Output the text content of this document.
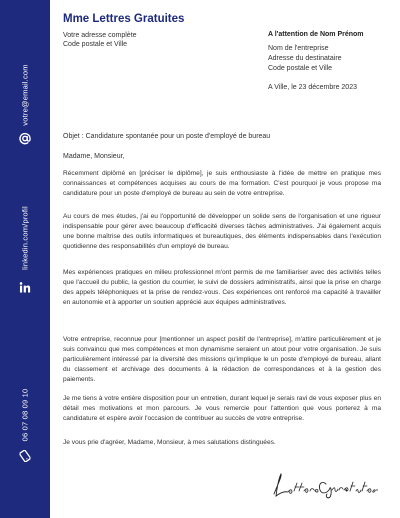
votre@email.com
linkedin.com/profil
06 07 08 09 10
Mme Lettres Gratuites
Votre adresse complète
Code postale et Ville
A l'attention de Nom Prénom
Nom de l'entreprise
Adresse du destinataire
Code postale et Ville
A Ville, le 23 décembre 2023
Objet : Candidature spontanée pour un poste d'employé de bureau
Madame, Monsieur,

Récemment diplômé en [préciser le diplôme], je suis enthousiaste à l'idée de mettre en pratique mes connaissances et compétences acquises au cours de ma formation. C'est pourquoi je vous propose ma candidature pour un poste d'employé de bureau au sein de votre entreprise.

Au cours de mes études, j'ai eu l'opportunité de développer un solide sens de l'organisation et une rigueur indispensable pour gérer avec beaucoup d'efficacité diverses tâches administratives. J'ai également acquis une bonne maîtrise des outils informatiques et bureautiques, des éléments indispensables dans l'exécution quotidienne des responsabilités d'un employé de bureau.

Mes expériences pratiques en milieu professionnel m'ont permis de me familiariser avec des activités telles que l'accueil du public, la gestion du courrier, le suivi de dossiers administratifs, ainsi que la prise en charge des appels téléphoniques et la prise de rendez-vous. Ces expériences ont renforcé ma capacité à travailler en autonomie et à apporter un soutien apprécié aux équipes administratives.

Votre entreprise, reconnue pour [mentionner un aspect positif de l'entreprise], m'attire particulièrement et je suis convaincu que mes compétences et mon dynamisme seraient un atout pour votre organisation. Je suis particulièrement intéressé par la diversité des missions qu'implique le un poste d'employé de bureau, allant du classement et archivage des documents à la rédaction de correspondances et à la gestion des paiements.

Je me tiens à votre entière disposition pour un entretien, durant lequel je serais ravi de vous exposer plus en détail mes motivations et mon parcours. Je vous remercie pour l'attention que vous porterez à ma candidature et espère avoir l'occasion de contribuer au succès de votre entreprise.

Je vous prie d'agréer, Madame, Monsieur, à mes salutations distinguées.
